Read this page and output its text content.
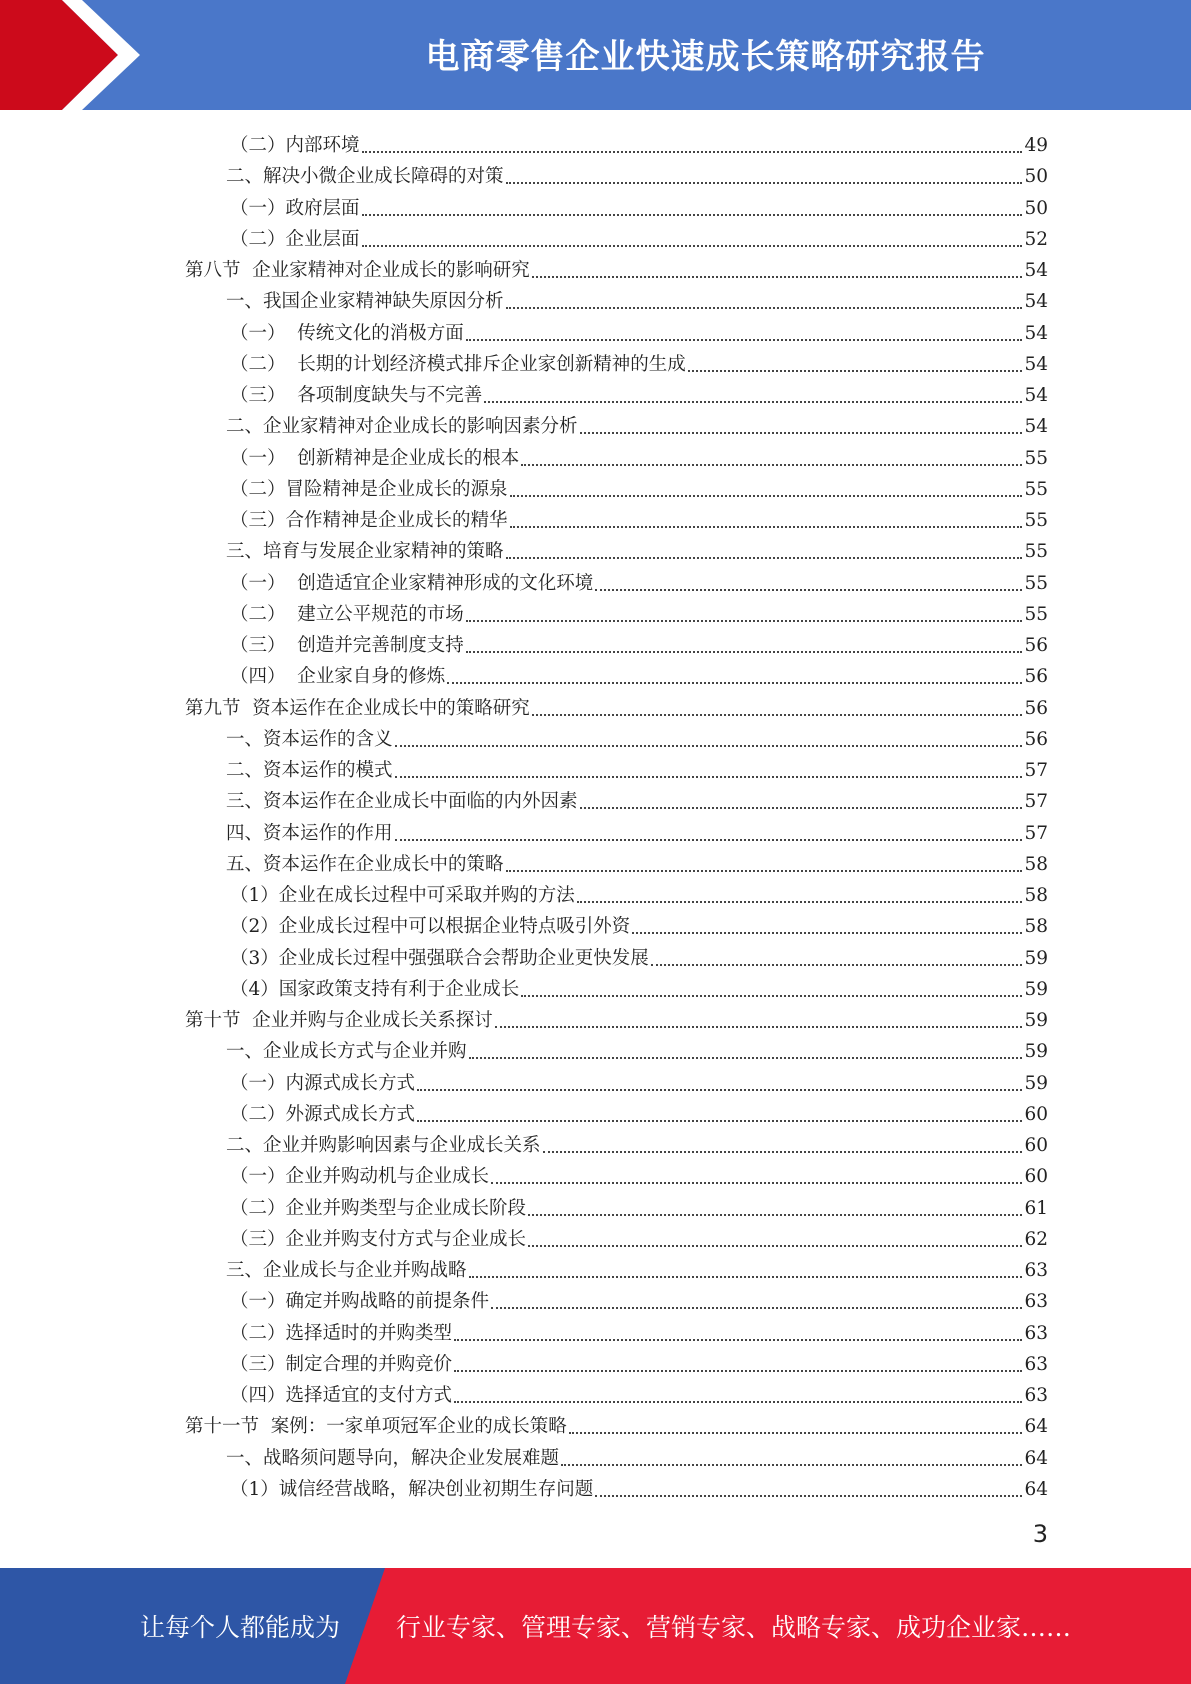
电商零售企业快速成长策略研究报告
（二）内部环境	49
二、解决小微企业成长障碍的对策	50
（一）政府层面	50
（二）企业层面	52
第八节  企业家精神对企业成长的影响研究	54
一、我国企业家精神缺失原因分析	54
（一）  传统文化的消极方面	54
（二）  长期的计划经济模式排斥企业家创新精神的生成	54
（三）  各项制度缺失与不完善	54
二、企业家精神对企业成长的影响因素分析	54
（一）  创新精神是企业成长的根本	55
（二）冒险精神是企业成长的源泉	55
（三）合作精神是企业成长的精华	55
三、培育与发展企业家精神的策略	55
（一）  创造适宜企业家精神形成的文化环境	55
（二）  建立公平规范的市场	55
（三）  创造并完善制度支持	56
（四）  企业家自身的修炼	56
第九节  资本运作在企业成长中的策略研究	56
一、资本运作的含义	56
二、资本运作的模式	57
三、资本运作在企业成长中面临的内外因素	57
四、资本运作的作用	57
五、资本运作在企业成长中的策略	58
（1）企业在成长过程中可采取并购的方法	58
（2）企业成长过程中可以根据企业特点吸引外资	58
（3）企业成长过程中强强联合会帮助企业更快发展	59
（4）国家政策支持有利于企业成长	59
第十节  企业并购与企业成长关系探讨	59
一、企业成长方式与企业并购	59
（一）内源式成长方式	59
（二）外源式成长方式	60
二、企业并购影响因素与企业成长关系	60
（一）企业并购动机与企业成长	60
（二）企业并购类型与企业成长阶段	61
（三）企业并购支付方式与企业成长	62
三、企业成长与企业并购战略	63
（一）确定并购战略的前提条件	63
（二）选择适时的并购类型	63
（三）制定合理的并购竞价	63
（四）选择适宜的支付方式	63
第十一节  案例：一家单项冠军企业的成长策略	64
一、战略须问题导向，解决企业发展难题	64
（1）诚信经营战略，解决创业初期生存问题	64
3
让每个人都能成为	行业专家、管理专家、营销专家、战略专家、成功企业家……
